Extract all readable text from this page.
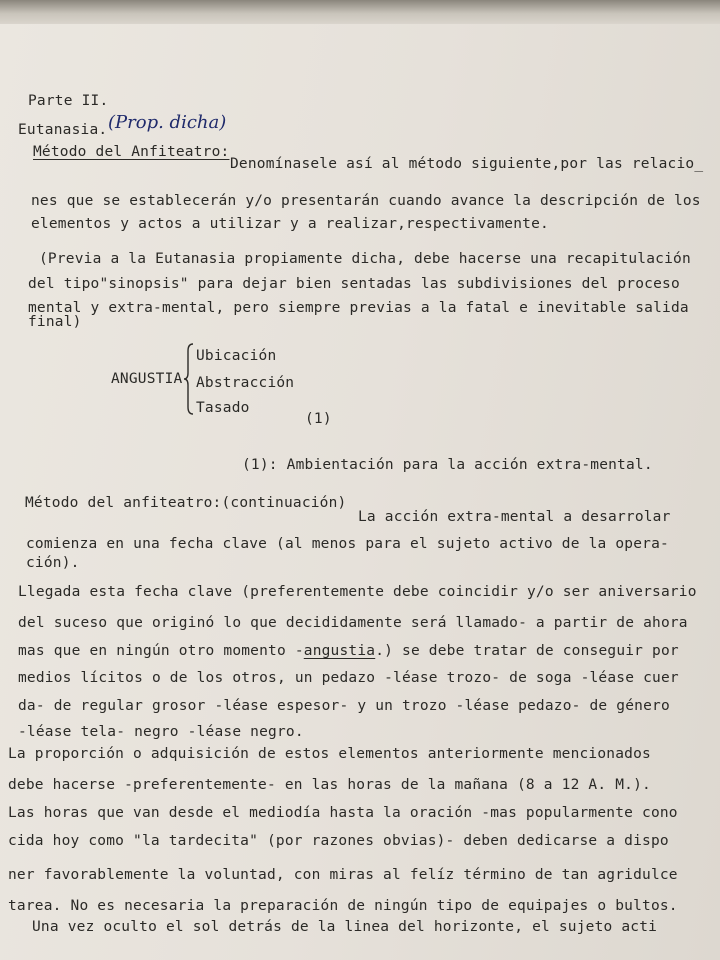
Parte II.
Eutanasia. (Prop. dicha)
Método del Anfiteatro:
Denomínasele así al método siguiente,por las relacio_
nes que se establecerán y/o presentarán cuando avance la descripción de los
elementos y actos a utilizar y a realizar,respectivamente.
(Previa a la Eutanasia propiamente dicha, debe hacerse una recapitulación
del tipo"sinopsis" para dejar bien sentadas las subdivisiones del proceso
mental y extra-mental, pero siempre previas a la fatal e inevitable salida
final)
ANGUSTIA
Ubicación
Abstracción
Tasado
(1)
(1): Ambientación para la acción extra-mental.
Método del anfiteatro:(continuación)
La acción extra-mental a desarrolar
comienza en una fecha clave (al menos para el sujeto activo de la opera-
ción).
Llegada esta fecha clave (preferentemente debe coincidir y/o ser aniversario
del suceso que originó lo que decididamente será llamado- a partir de ahora
mas que en ningún otro momento -angustia.) se debe tratar de conseguir por
medios lícitos o de los otros, un pedazo -léase trozo- de soga -léase cuer
da- de regular grosor -léase espesor- y un trozo -léase pedazo- de género
-léase tela- negro -léase negro.
La proporción o adquisición de estos elementos anteriormente mencionados
debe hacerse -preferentemente- en las horas de la mañana (8 a 12 A. M.).
Las horas que van desde el mediodía hasta la oración -mas popularmente cono
cida hoy como "la tardecita" (por razones obvias)- deben dedicarse a dispo
ner favorablemente la voluntad, con miras al felíz término de tan agridulce
tarea. No es necesaria la preparación de ningún tipo de equipajes o bultos.
Una vez oculto el sol detrás de la linea del horizonte, el sujeto acti
